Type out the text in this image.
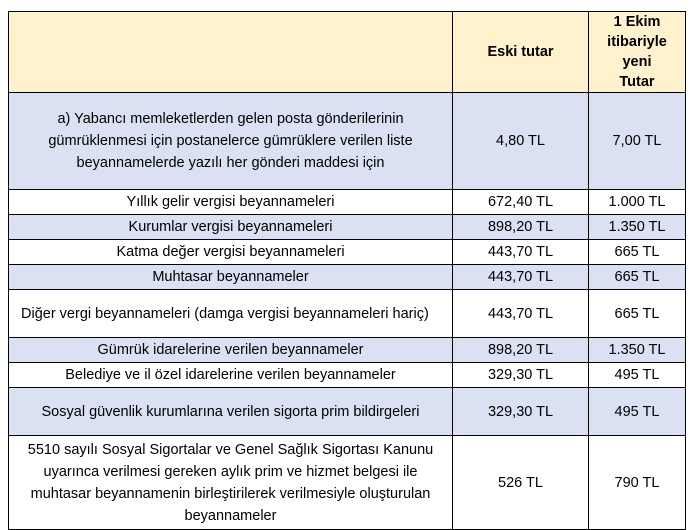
	Eski tutar	1 Ekim itibariyle yeni Tutar
a) Yabancı memleketlerden gelen posta gönderilerinin gümrüklenmesi için postanelerce gümrüklere verilen liste beyannamelerde yazılı her gönderi maddesi için	4,80 TL	7,00 TL
Yıllık gelir vergisi beyannameleri	672,40 TL	1.000 TL
Kurumlar vergisi beyannameleri	898,20 TL	1.350 TL
Katma değer vergisi beyannameleri	443,70 TL	665 TL
Muhtasar beyannameler	443,70 TL	665 TL
Diğer vergi beyannameleri (damga vergisi beyannameleri hariç)	443,70 TL	665 TL
Gümrük idarelerine verilen beyannameler	898,20 TL	1.350 TL
Belediye ve il özel idarelerine verilen beyannameler	329,30 TL	495 TL
Sosyal güvenlik kurumlarına verilen sigorta prim bildirgeleri	329,30 TL	495 TL
5510 sayılı Sosyal Sigortalar ve Genel Sağlık Sigortası Kanunu uyarınca verilmesi gereken aylık prim ve hizmet belgesi ile muhtasar beyannamenin birleştirilerek verilmesiyle oluşturulan beyannameler	526 TL	790 TL
